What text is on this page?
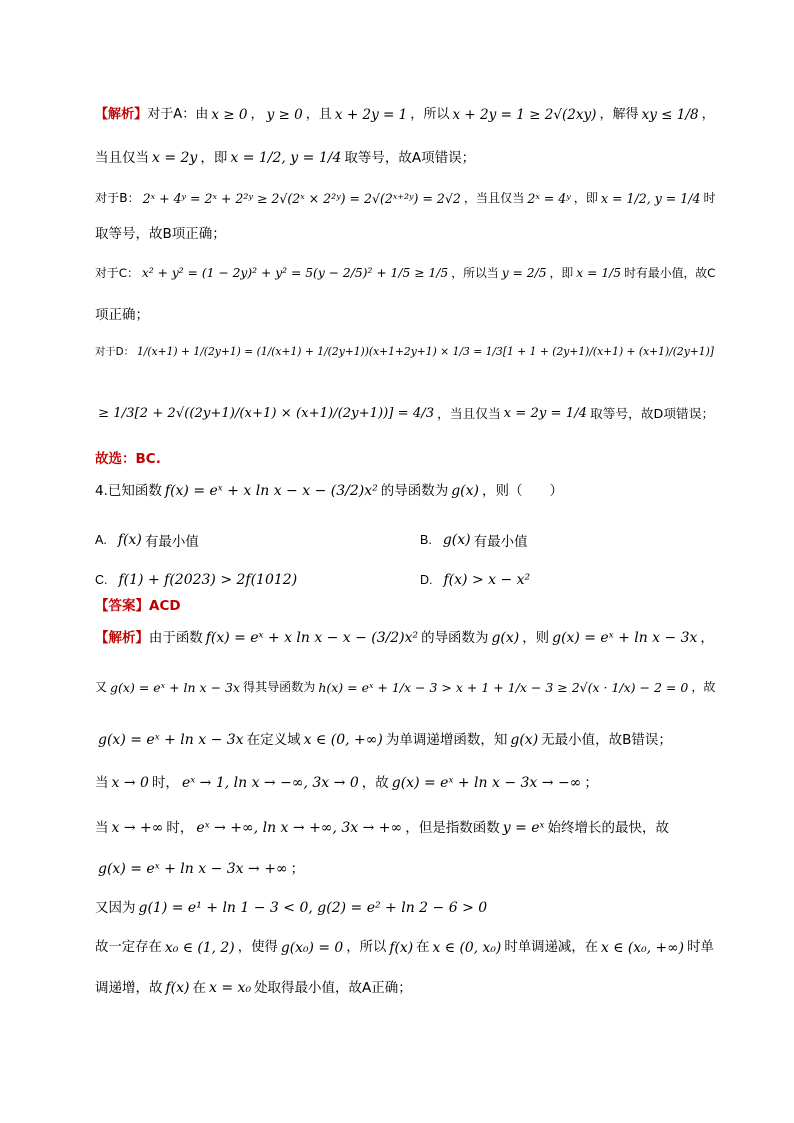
【解析】 对于A： 由 x ≥ 0 ， y ≥ 0 ，且 x + 2y = 1 ，所以 x + 2y = 1 ≥ 2√(2xy) ，解得 xy ≤ 1/8 ，
当且仅当 x = 2y ，即 x = 1/2, y = 1/4 取等号，故A项错误；
对于B： 2ˣ + 4ʸ = 2ˣ + 2²ʸ ≥ 2√(2ˣ × 2²ʸ) = 2√(2ˣ⁺²ʸ) = 2√2 ，当且仅当 2ˣ = 4ʸ ，即 x = 1/2, y = 1/4 时
取等号，故B项正确；
对于C： x² + y² = (1 − 2y)² + y² = 5(y − 2/5)² + 1/5 ≥ 1/5 ，所以当 y = 2/5 ，即 x = 1/5 时有最小值，故C
项正确；
对于D： 1/(x+1) + 1/(2y+1) = (1/(x+1) + 1/(2y+1))(x+1+2y+1) × 1/3 = 1/3[1 + 1 + (2y+1)/(x+1) + (x+1)/(2y+1)]
≥ 1/3[2 + 2√((2y+1)/(x+1) × (x+1)/(2y+1))] = 4/3 ，当且仅当 x = 2y = 1/4 取等号，故D项错误；
故选：BC.
4.已知函数 f(x) = eˣ + x ln x − x − (3/2)x² 的导函数为 g(x) ，则（　　）
A. f(x) 有最小值	B. g(x) 有最小值
C. f(1) + f(2023) > 2f(1012)	D. f(x) > x − x²
【答案】ACD
【解析】 由于函数 f(x) = eˣ + x ln x − x − (3/2)x² 的导函数为 g(x) ，则 g(x) = eˣ + ln x − 3x ，
又 g(x) = eˣ + ln x − 3x 得其导函数为 h(x) = eˣ + 1/x − 3 > x + 1 + 1/x − 3 ≥ 2√(x · 1/x) − 2 = 0 ，故
g(x) = eˣ + ln x − 3x 在定义域 x ∈ (0, +∞) 为单调递增函数，知 g(x) 无最小值，故B错误；
当 x → 0 时， eˣ → 1, ln x → −∞, 3x → 0 ，故 g(x) = eˣ + ln x − 3x → −∞ ；
当 x → +∞ 时， eˣ → +∞, ln x → +∞, 3x → +∞ ，但是指数函数 y = eˣ 始终增长的最快，故
g(x) = eˣ + ln x − 3x → +∞ ；
又因为 g(1) = e¹ + ln 1 − 3 < 0, g(2) = e² + ln 2 − 6 > 0
故一定存在 x₀ ∈ (1, 2) ，使得 g(x₀) = 0 ，所以 f(x) 在 x ∈ (0, x₀) 时单调递减，在 x ∈ (x₀, +∞) 时单
调递增，故 f(x) 在 x = x₀ 处取得最小值，故A正确；
